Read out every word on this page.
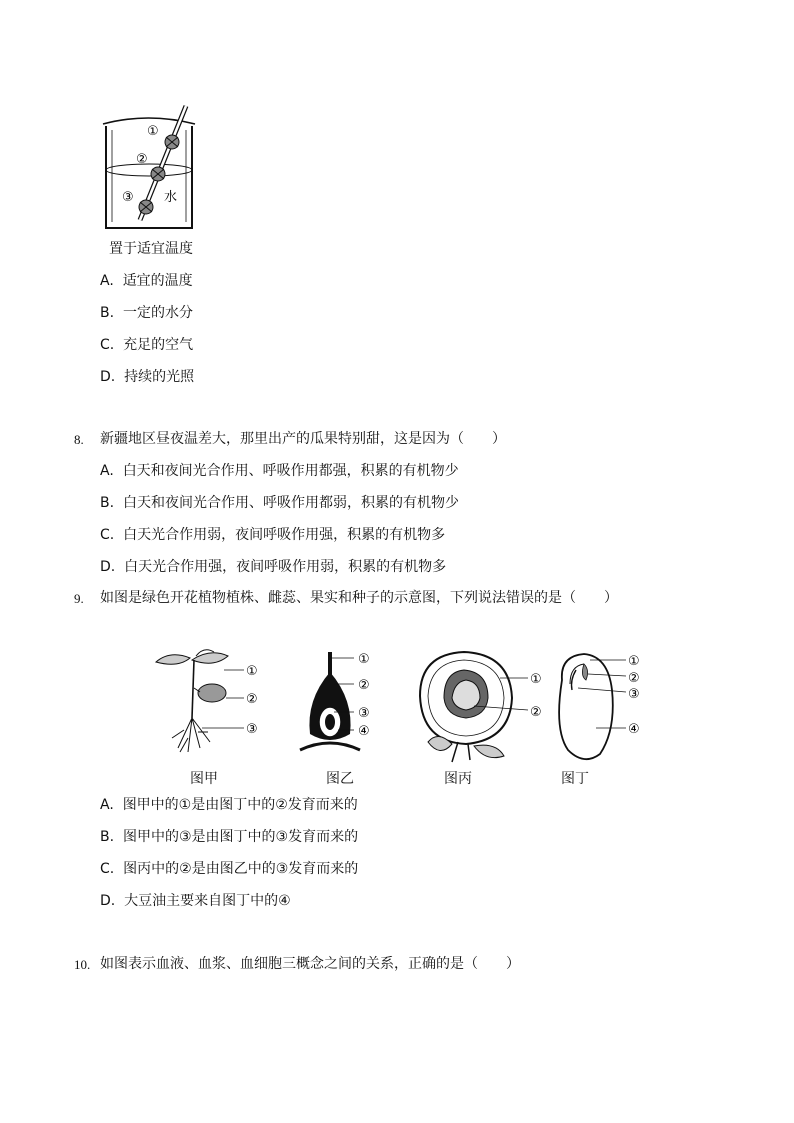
①
②
③ 水
置于适宜温度
A. 适宜的温度
B. 一定的水分
C. 充足的空气
D. 持续的光照
8. 新疆地区昼夜温差大，那里出产的瓜果特别甜，这是因为（　　）
A. 白天和夜间光合作用、呼吸作用都强，积累的有机物少
B. 白天和夜间光合作用、呼吸作用都弱，积累的有机物少
C. 白天光合作用弱，夜间呼吸作用强，积累的有机物多
D. 白天光合作用强，夜间呼吸作用弱，积累的有机物多
9. 如图是绿色开花植物植株、雌蕊、果实和种子的示意图，下列说法错误的是（　　）
①
②
③
图甲
①
②
③
④
图乙
①
②
图丙
①
②
③
④
图丁
A. 图甲中的①是由图丁中的②发育而来的
B. 图甲中的③是由图丁中的③发育而来的
C. 图丙中的②是由图乙中的③发育而来的
D. 大豆油主要来自图丁中的④
10. 如图表示血液、血浆、血细胞三概念之间的关系，正确的是（　　）
